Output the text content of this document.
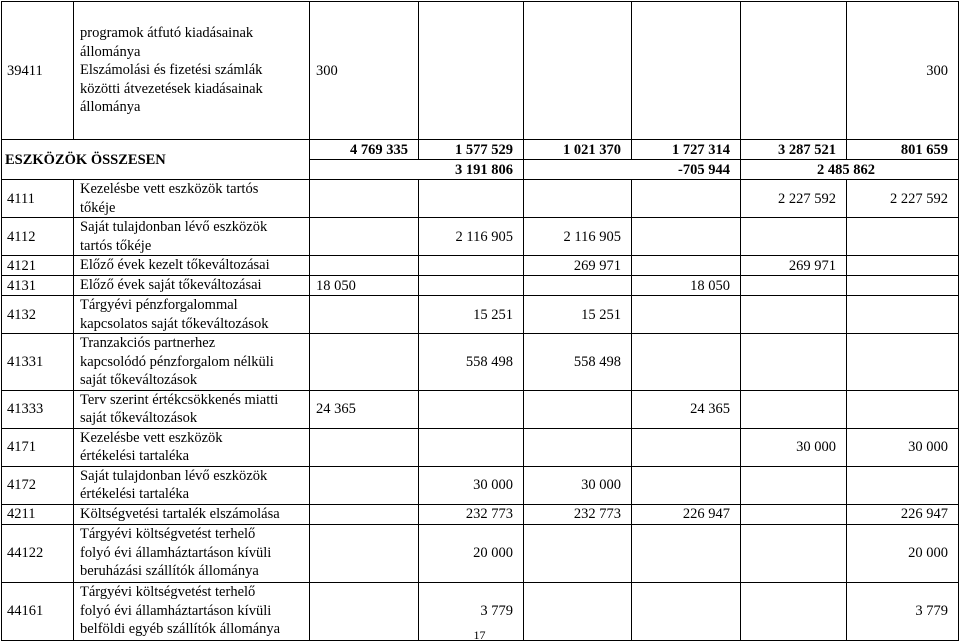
39411	programok átfutó kiadásainak
állománya
Elszámolási és fizetési számlák
közötti átvezetések kiadásainak
állománya	300					300
ESZKÖZÖK ÖSSZESEN		4 769 335	1 577 529	1 021 370	1 727 314	3 287 521	801 659
		3 191 806		-705 944		2 485 862	
4111	Kezelésbe vett eszközök tartós
tőkéje					2 227 592	2 227 592
4112	Saját tulajdonban lévő eszközök
tartós tőkéje		2 116 905	2 116 905			
4121	Előző évek kezelt tőkeváltozásai			269 971		269 971	
4131	Előző évek saját tőkeváltozásai	18 050			18 050		
4132	Tárgyévi pénzforgalommal
kapcsolatos saját tőkeváltozások		15 251	15 251			
41331	Tranzakciós partnerhez
kapcsolódó pénzforgalom nélküli
saját tőkeváltozások		558 498	558 498			
41333	Terv szerint értékcsökkenés miatti
saját tőkeváltozások	24 365			24 365		
4171	Kezelésbe vett eszközök
értékelési tartaléka					30 000	30 000
4172	Saját tulajdonban lévő eszközök
értékelési tartaléka		30 000	30 000			
4211	Költségvetési tartalék elszámolása		232 773	232 773	226 947		226 947
44122	Tárgyévi költségvetést terhelő
folyó évi államháztartáson kívüli
beruházási szállítók állománya		20 000				20 000
44161	Tárgyévi költségvetést terhelő
folyó évi államháztartáson kívüli
belföldi egyéb szállítók állománya		3 779				3 779
17
